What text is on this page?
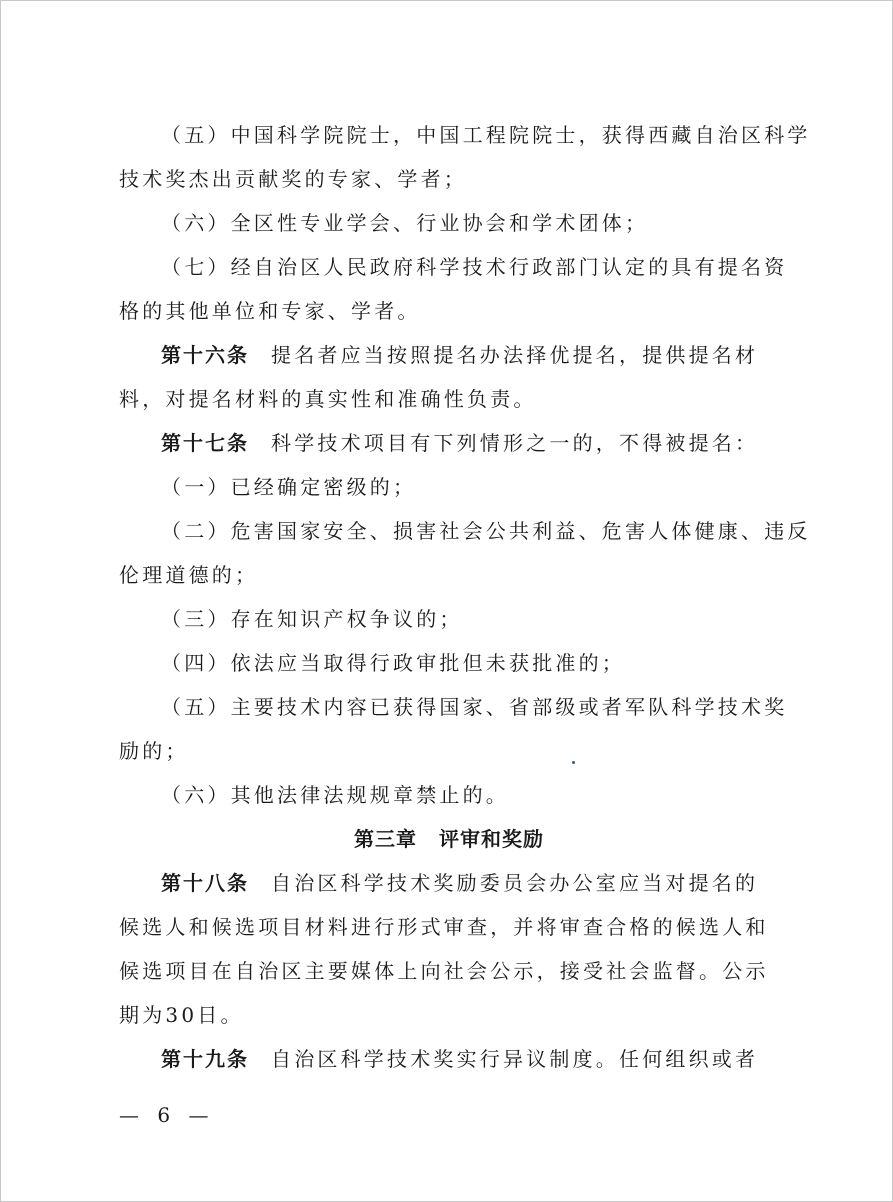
（五）中国科学院院士，中国工程院院士，获得西藏自治区科学
技术奖杰出贡献奖的专家、学者；
（六）全区性专业学会、行业协会和学术团体；
（七）经自治区人民政府科学技术行政部门认定的具有提名资
格的其他单位和专家、学者。
第十六条 提名者应当按照提名办法择优提名，提供提名材
料，对提名材料的真实性和准确性负责。
第十七条 科学技术项目有下列情形之一的，不得被提名：
（一）已经确定密级的；
（二）危害国家安全、损害社会公共利益、危害人体健康、违反
伦理道德的；
（三）存在知识产权争议的；
（四）依法应当取得行政审批但未获批准的；
（五）主要技术内容已获得国家、省部级或者军队科学技术奖
励的；
（六）其他法律法规规章禁止的。
第三章 评审和奖励
第十八条 自治区科学技术奖励委员会办公室应当对提名的
候选人和候选项目材料进行形式审查，并将审查合格的候选人和
候选项目在自治区主要媒体上向社会公示，接受社会监督。公示
期为30日。
第十九条 自治区科学技术奖实行异议制度。任何组织或者
— 6 —
